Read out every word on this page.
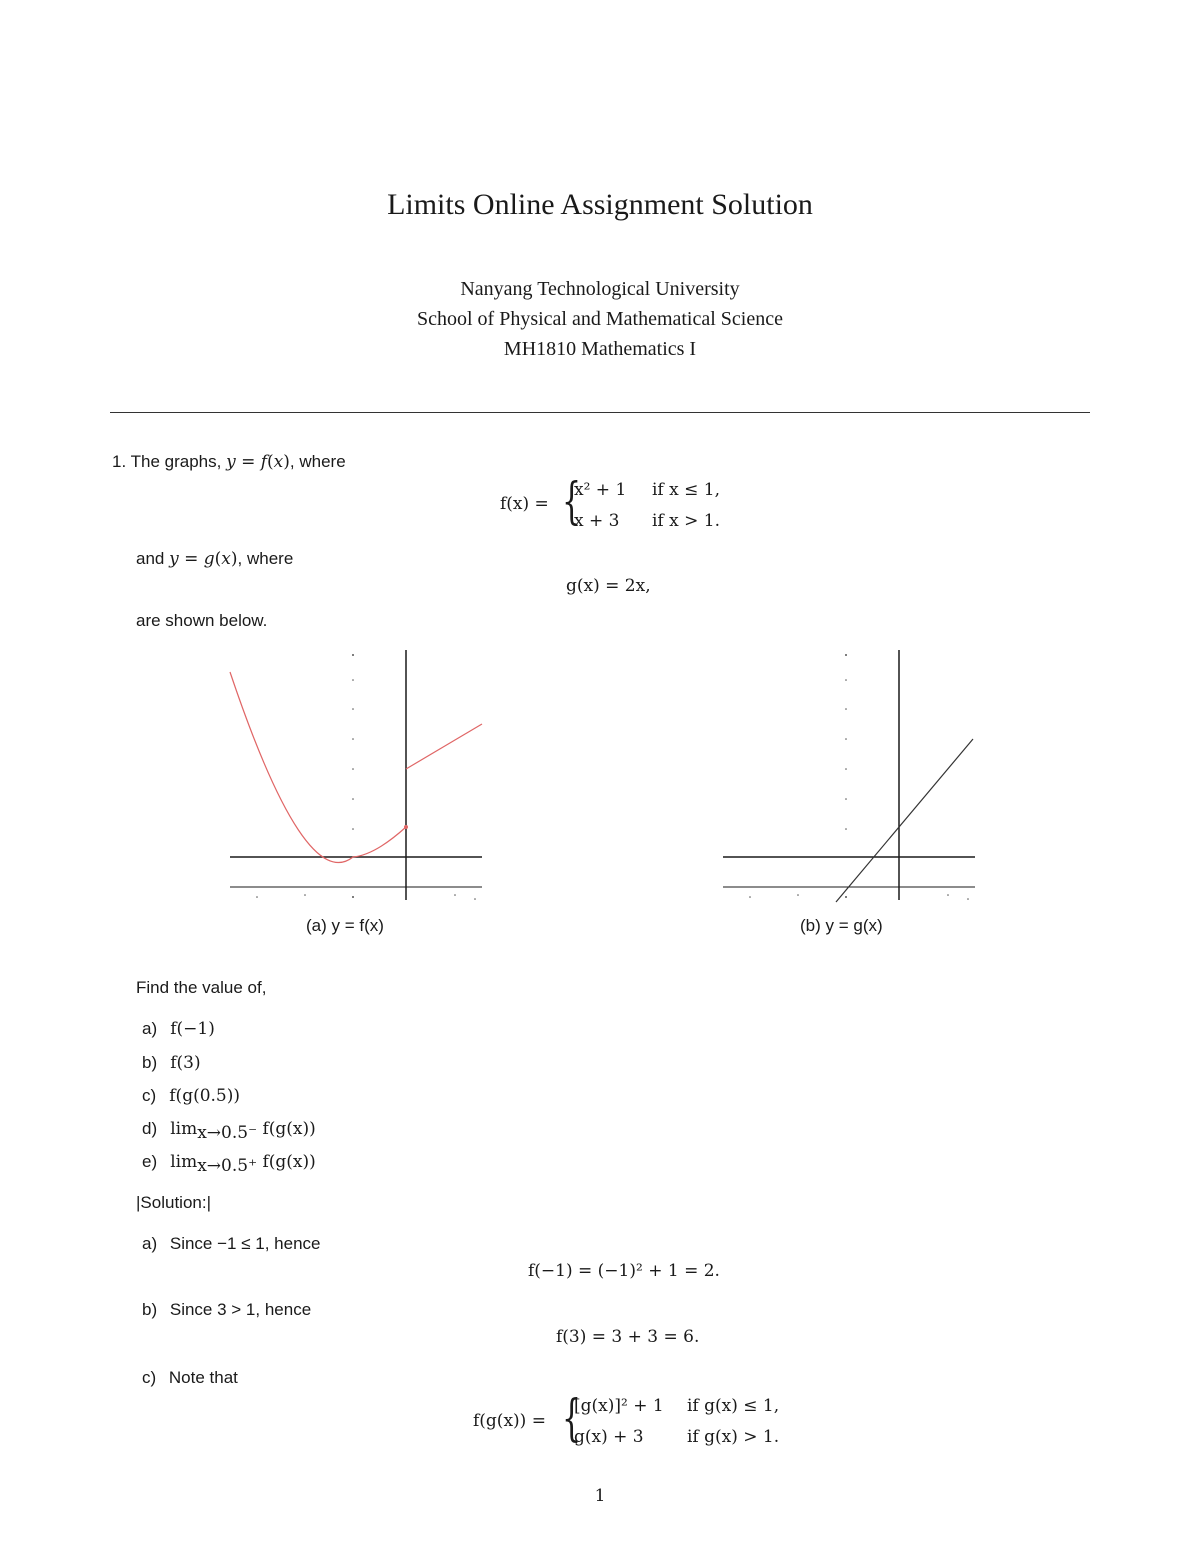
Limits Online Assignment Solution
Nanyang Technological University
School of Physical and Mathematical Science
MH1810 Mathematics I
1. The graphs, y = f(x), where
f(x) = {
x² + 1 if x ≤ 1,
x + 3 if x > 1.
and y = g(x), where
g(x) = 2x,
are shown below.
(a) y = f(x)	(b) y = g(x)
Find the value of,
a) f(−1)
b) f(3)
c) f(g(0.5))
d) $\lim_{x\to 0.5^-} f(g(x))$
e) $\lim_{x\to 0.5^+} f(g(x))$
|Solution:|
a) Since −1 ≤ 1, hence
f(−1) = (−1)² + 1 = 2.
b) Since 3 > 1, hence
f(3) = 3 + 3 = 6.
c) Note that
f(g(x)) = {
[g(x)]² + 1 if g(x) ≤ 1,
g(x) + 3	if g(x) > 1.
1
